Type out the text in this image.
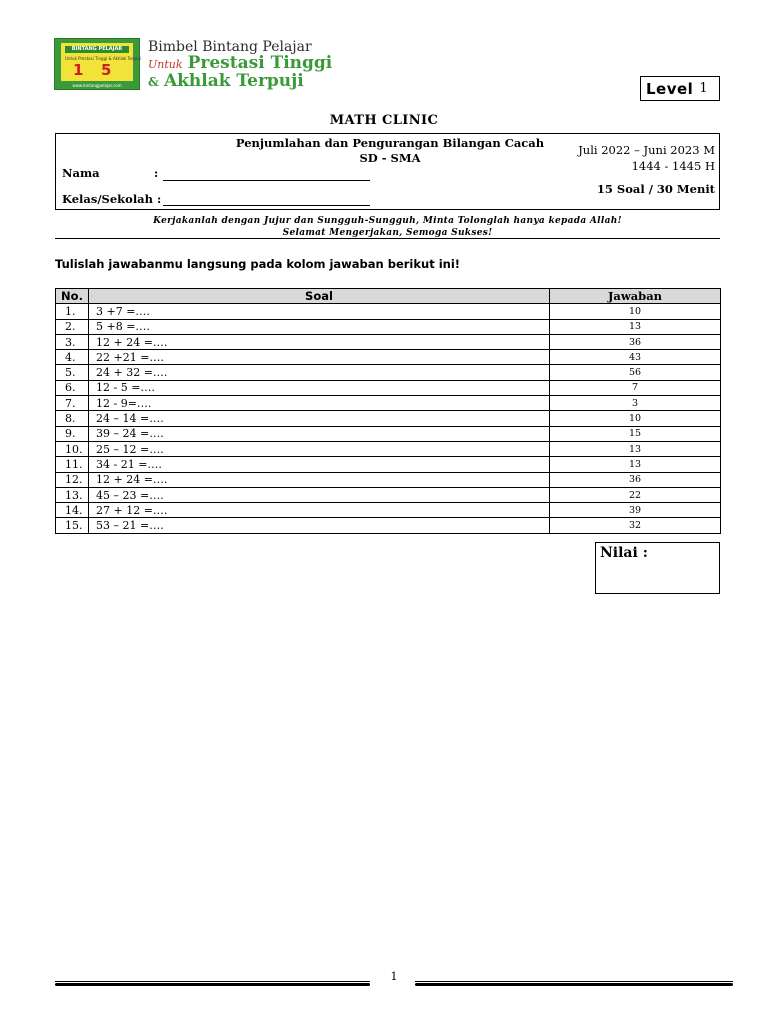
BINTANG PELAJAR
Untuk Prestasi Tinggi & Akhlak Terpuji
1 5
www.bintangpelajar.com
Bimbel Bintang Pelajar
Untuk Prestasi Tinggi
& Akhlak Terpuji	Level 1
MATH CLINIC
Penjumlahan dan Pengurangan Bilangan Cacah
SD - SMA
Juli 2022 – Juni 2023 M
1444 - 1445 H
15 Soal / 30 Menit
Nama	:
Kelas/Sekolah :
Kerjakanlah dengan Jujur dan Sungguh-Sungguh, Minta Tolonglah hanya kepada Allah!
Selamat Mengerjakan, Semoga Sukses!
Tulislah jawabanmu langsung pada kolom jawaban berikut ini!
No.	Soal	Jawaban
1.	3 +7 =….	10
2.	5 +8 =….	13
3.	12 + 24 =….	36
4.	22 +21 =….	43
5.	24 + 32 =….	56
6.	12 - 5 =….	7
7.	12 - 9=….	3
8.	24 – 14 =….	10
9.	39 – 24 =….	15
10.	25 – 12 =….	13
11.	34 - 21 =….	13
12.	12 + 24 =….	36
13.	45 – 23 =….	22
14.	27 + 12 =….	39
15.	53 – 21 =….	32
Nilai :
1
